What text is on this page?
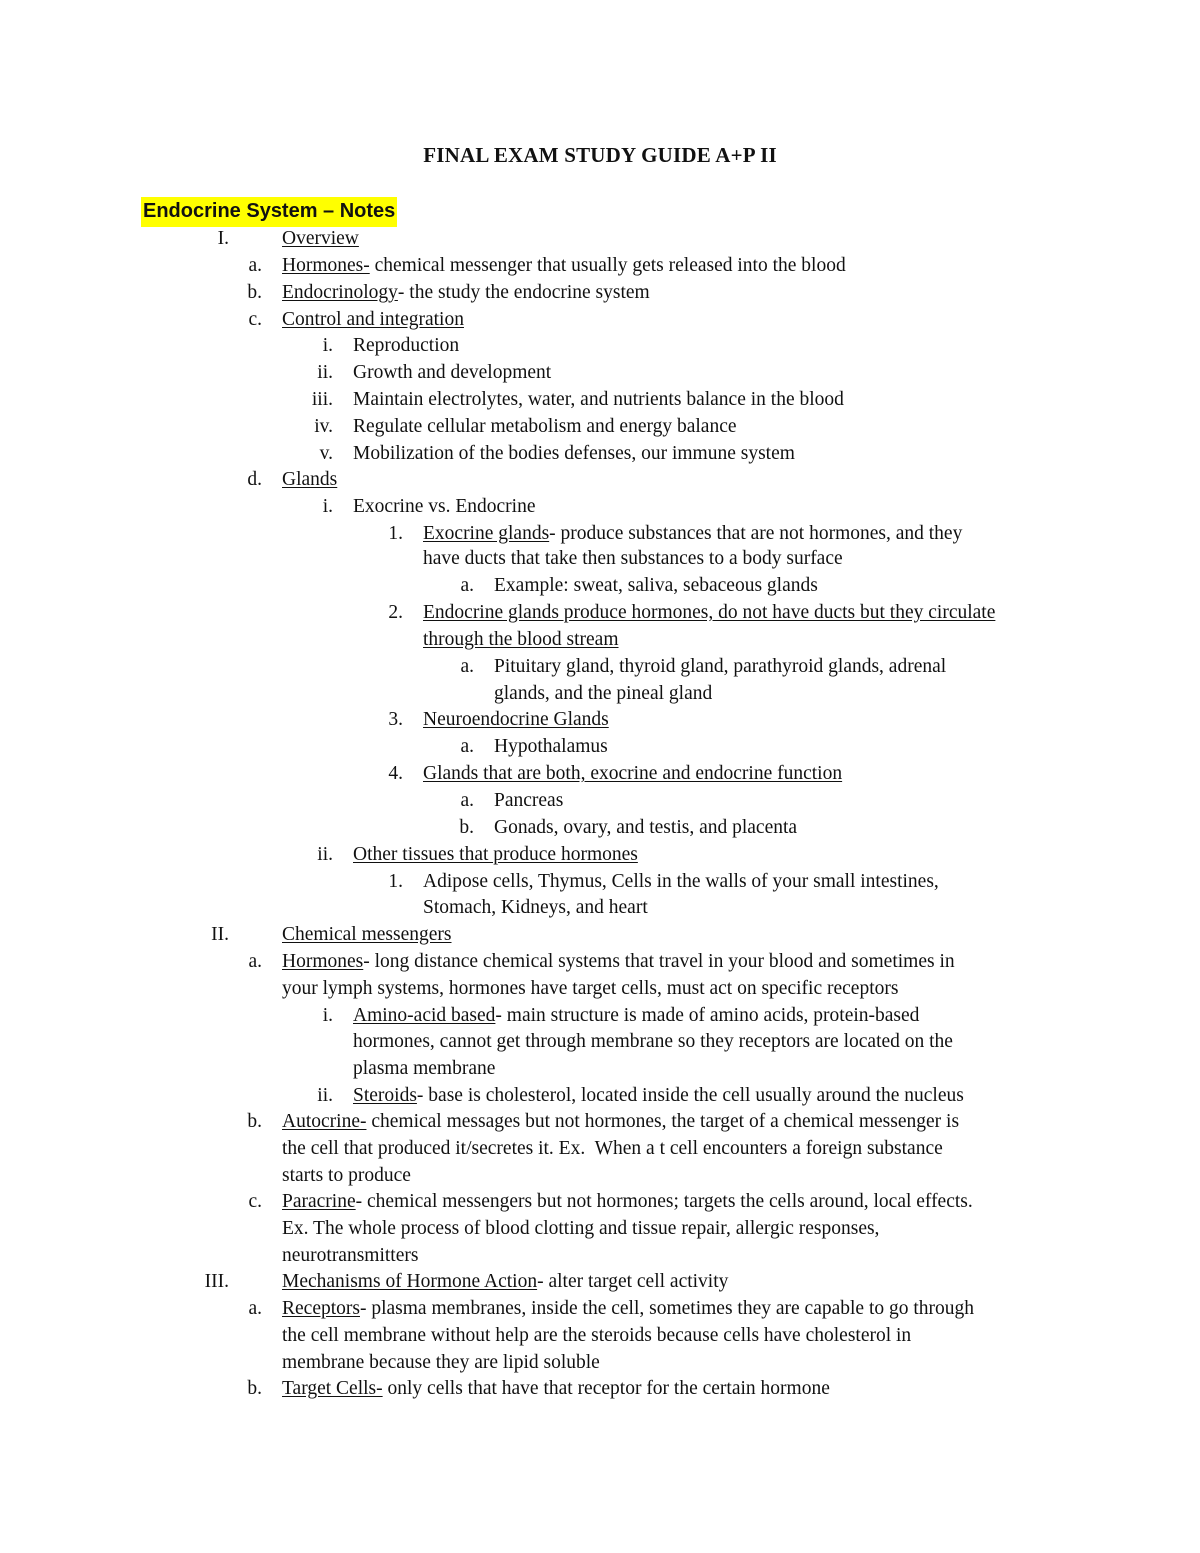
FINAL EXAM STUDY GUIDE A+P II
Endocrine System – Notes
I.	Overview
a. Hormones- chemical messenger that usually gets released into the blood
b. Endocrinology- the study the endocrine system
c. Control and integration
i. Reproduction
ii. Growth and development
iii. Maintain electrolytes, water, and nutrients balance in the blood
iv. Regulate cellular metabolism and energy balance
v. Mobilization of the bodies defenses, our immune system
d. Glands
i. Exocrine vs. Endocrine
1. Exocrine glands- produce substances that are not hormones, and they
have ducts that take then substances to a body surface
a. Example: sweat, saliva, sebaceous glands
2. Endocrine glands produce hormones, do not have ducts but they circulate
through the blood stream
a. Pituitary gland, thyroid gland, parathyroid glands, adrenal
glands, and the pineal gland
3. Neuroendocrine Glands
a. Hypothalamus
4. Glands that are both, exocrine and endocrine function
a. Pancreas
b. Gonads, ovary, and testis, and placenta
ii. Other tissues that produce hormones
1. Adipose cells, Thymus, Cells in the walls of your small intestines,
Stomach, Kidneys, and heart
II.	Chemical messengers
a. Hormones- long distance chemical systems that travel in your blood and sometimes in
your lymph systems, hormones have target cells, must act on specific receptors
i. Amino-acid based- main structure is made of amino acids, protein-based
hormones, cannot get through membrane so they receptors are located on the
plasma membrane
ii. Steroids- base is cholesterol, located inside the cell usually around the nucleus
b. Autocrine- chemical messages but not hormones, the target of a chemical messenger is
the cell that produced it/secretes it. Ex.  When a t cell encounters a foreign substance
starts to produce
c. Paracrine- chemical messengers but not hormones; targets the cells around, local effects.
Ex. The whole process of blood clotting and tissue repair, allergic responses,
neurotransmitters
III.	Mechanisms of Hormone Action- alter target cell activity
a. Receptors- plasma membranes, inside the cell, sometimes they are capable to go through
the cell membrane without help are the steroids because cells have cholesterol in
membrane because they are lipid soluble
b. Target Cells- only cells that have that receptor for the certain hormone
